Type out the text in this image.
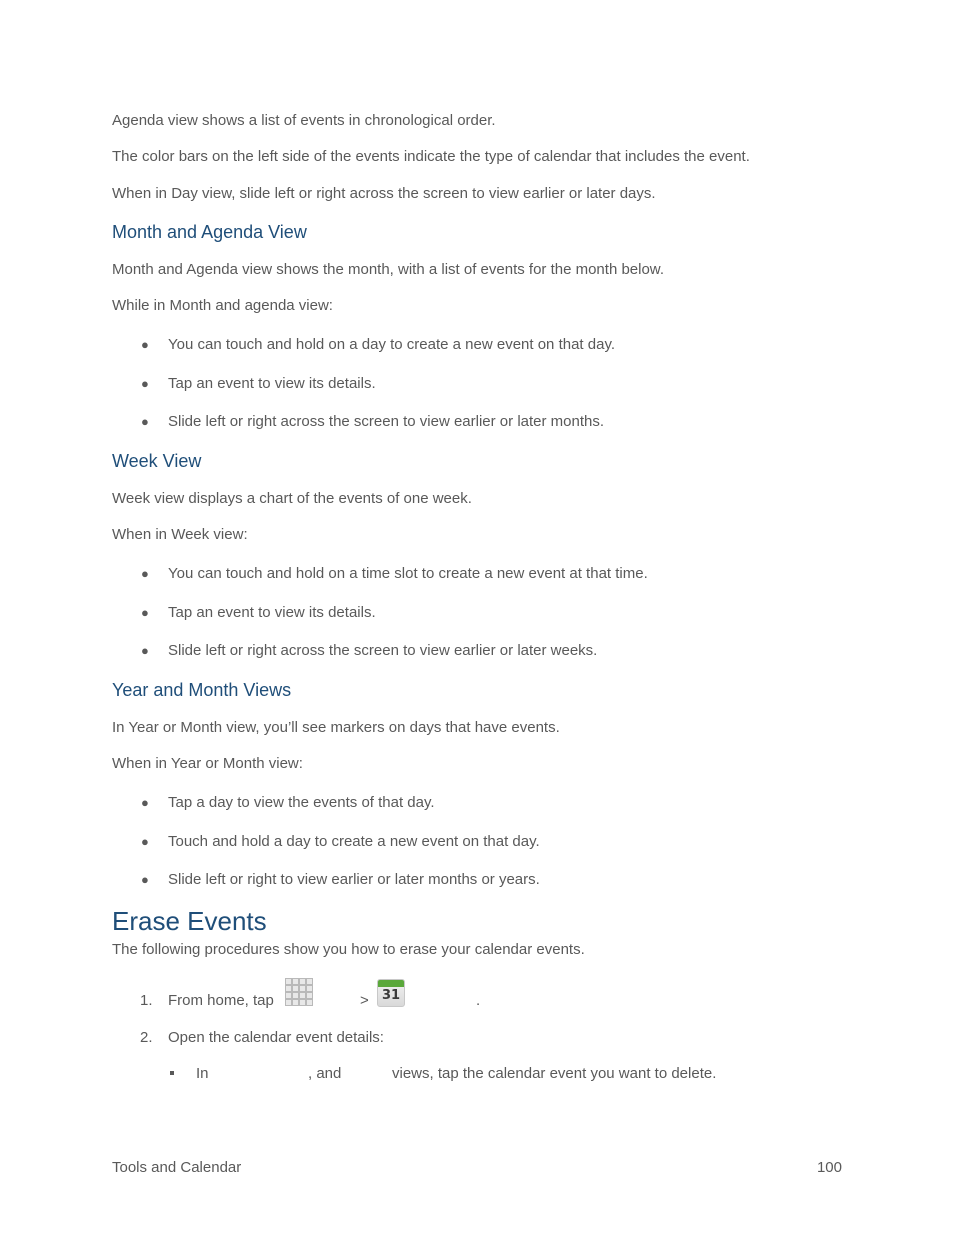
Agenda view shows a list of events in chronological order.
The color bars on the left side of the events indicate the type of calendar that includes the event.
When in Day view, slide left or right across the screen to view earlier or later days.
Month and Agenda View
Month and Agenda view shows the month, with a list of events for the month below.
While in Month and agenda view:
● You can touch and hold on a day to create a new event on that day.
● Tap an event to view its details.
● Slide left or right across the screen to view earlier or later months.
Week View
Week view displays a chart of the events of one week.
When in Week view:
● You can touch and hold on a time slot to create a new event at that time.
● Tap an event to view its details.
● Slide left or right across the screen to view earlier or later weeks.
Year and Month Views
In Year or Month view, you’ll see markers on days that have events.
When in Year or Month view:
● Tap a day to view the events of that day.
● Touch and hold a day to create a new event on that day.
● Slide left or right to view earlier or later months or years.
Erase Events
The following procedures show you how to erase your calendar events.
1. From home, tap	>	31	.
2. Open the calendar event details:
In	, and	views, tap the calendar event you want to delete.
Tools and Calendar	100
